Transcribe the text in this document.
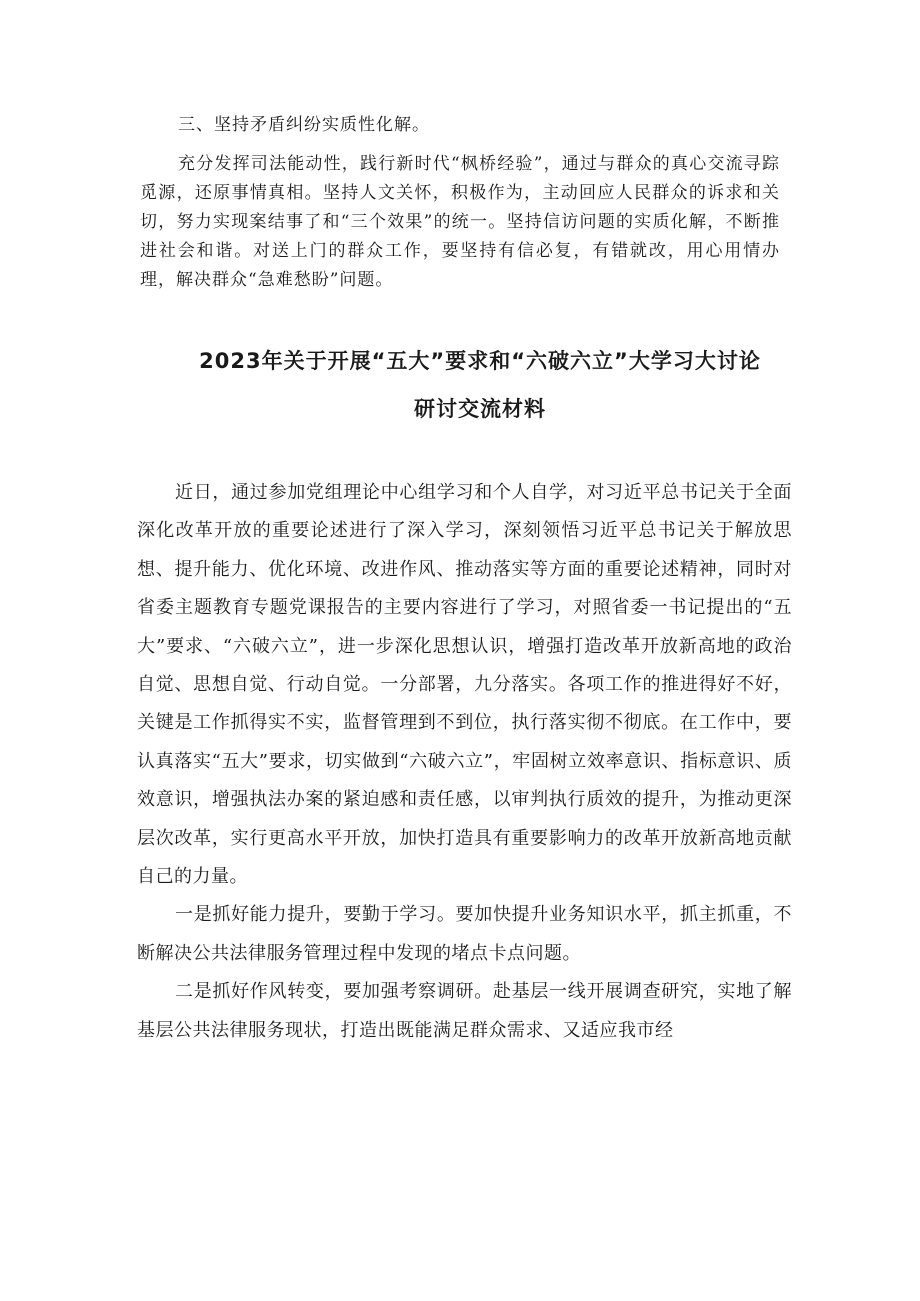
三、坚持矛盾纠纷实质性化解。
充分发挥司法能动性，践行新时代“枫桥经验”，通过与群众的真心交流寻踪觅源，还原事情真相。坚持人文关怀，积极作为，主动回应人民群众的诉求和关切，努力实现案结事了和“三个效果”的统一。坚持信访问题的实质化解，不断推进社会和谐。对送上门的群众工作，要坚持有信必复，有错就改，用心用情办理，解决群众“急难愁盼”问题。
2023年关于开展“五大”要求和“六破六立”大学习大讨论
研讨交流材料

近日，通过参加党组理论中心组学习和个人自学，对习近平总书记关于全面深化改革开放的重要论述进行了深入学习，深刻领悟习近平总书记关于解放思想、提升能力、优化环境、改进作风、推动落实等方面的重要论述精神，同时对省委主题教育专题党课报告的主要内容进行了学习，对照省委一书记提出的“五大”要求、“六破六立”，进一步深化思想认识，增强打造改革开放新高地的政治自觉、思想自觉、行动自觉。一分部署，九分落实。各项工作的推进得好不好，关键是工作抓得实不实，监督管理到不到位，执行落实彻不彻底。在工作中，要认真落实“五大”要求，切实做到“六破六立”，牢固树立效率意识、指标意识、质效意识，增强执法办案的紧迫感和责任感，以审判执行质效的提升，为推动更深层次改革，实行更高水平开放，加快打造具有重要影响力的改革开放新高地贡献自己的力量。

一是抓好能力提升，要勤于学习。要加快提升业务知识水平，抓主抓重，不断解决公共法律服务管理过程中发现的堵点卡点问题。

二是抓好作风转变，要加强考察调研。赴基层一线开展调查研究，实地了解基层公共法律服务现状，打造出既能满足群众需求、又适应我市经
